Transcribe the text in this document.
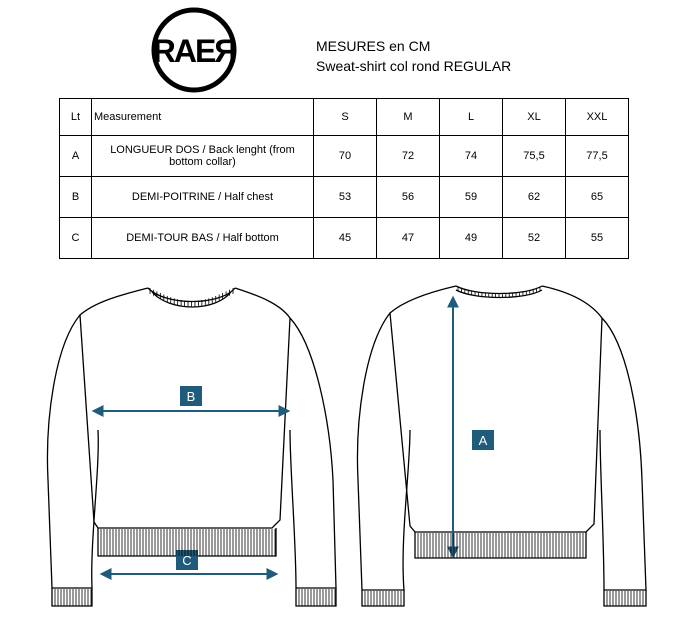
RAEЯ	MESURES en CM
Sweat-shirt col rond REGULAR
Lt	Measurement	S	M	L	XL	XXL
A	LONGUEUR DOS / Back lenght (from bottom collar)	70	72	74	75,5	77,5
B	DEMI-POITRINE / Half chest	53	56	59	62	65
C	DEMI-TOUR BAS / Half bottom	45	47	49	52	55
B
C
A
